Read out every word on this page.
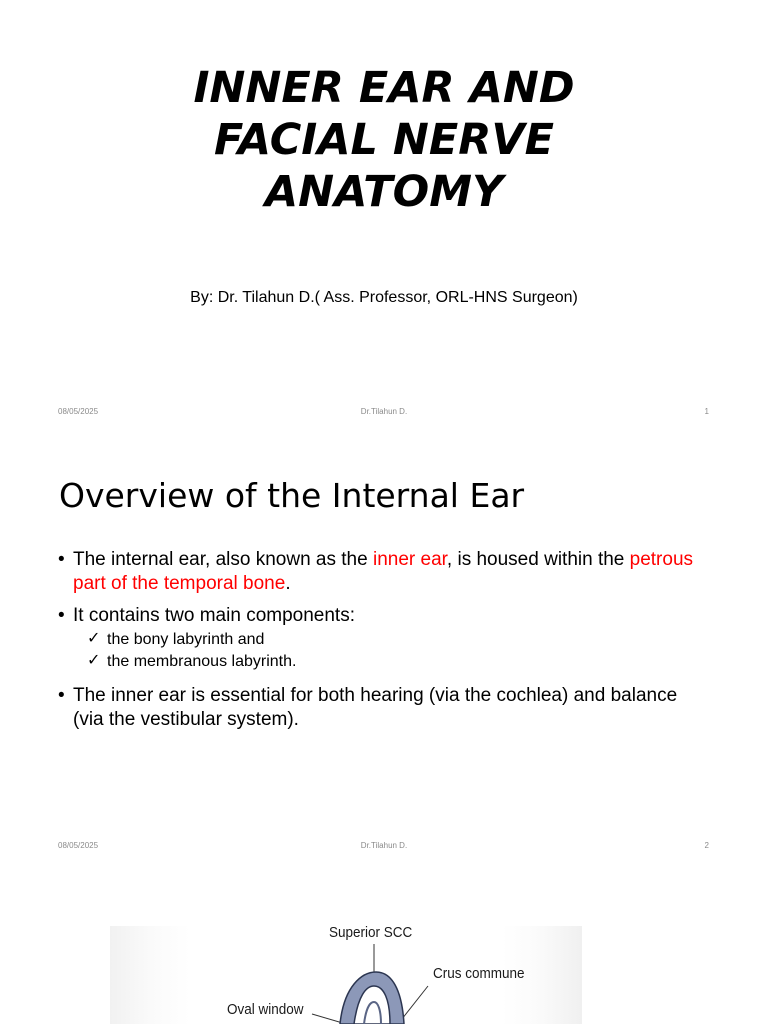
INNER EAR AND
FACIAL NERVE
ANATOMY
By: Dr. Tilahun D.( Ass. Professor, ORL-HNS Surgeon)
08/05/2025	Dr.Tilahun D.	1
Overview of the Internal Ear
• The internal ear, also known as the inner ear, is housed within the petrous part of the temporal bone.
• It contains two main components:
✓ the bony labyrinth and
✓ the membranous labyrinth.
• The inner ear is essential for both hearing (via the cochlea) and balance (via the vestibular system).
08/05/2025	Dr.Tilahun D.	2
Superior SCC
Crus commune
Oval window
